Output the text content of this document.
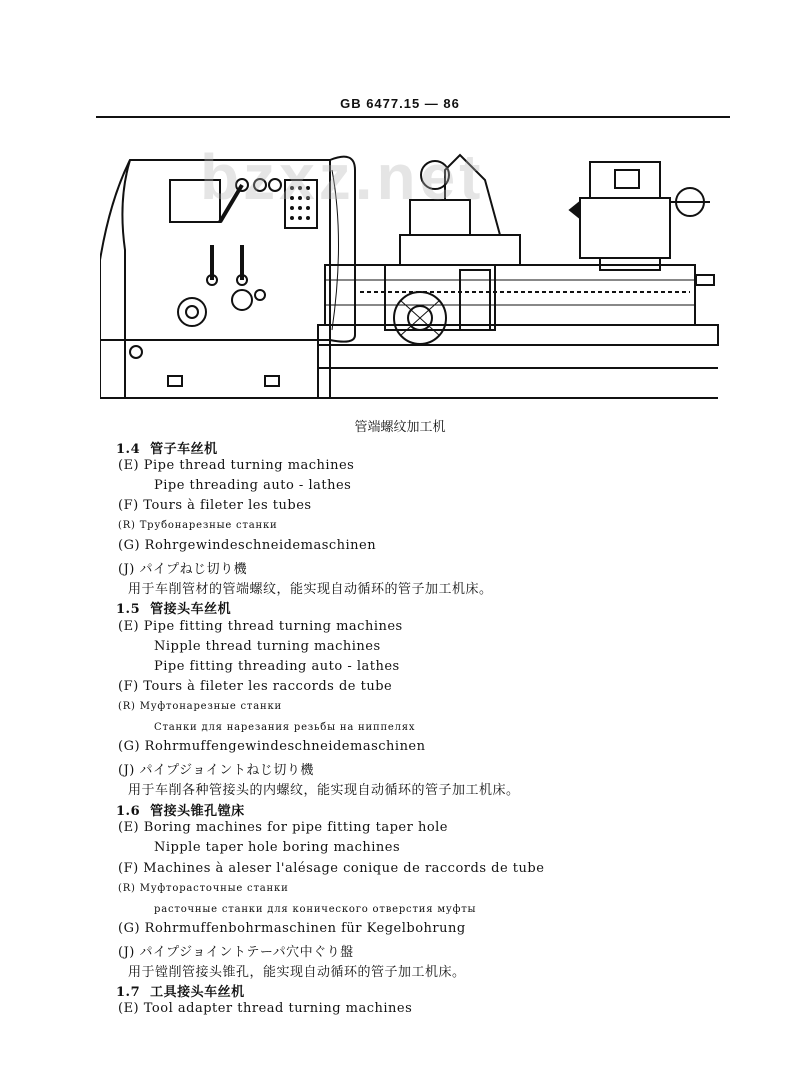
GB 6477.15 — 86
bzxz.net
管端螺纹加工机
1.4  管子车丝机
(E) Pipe thread turning machines
Pipe threading auto - lathes
(F) Tours à fileter les tubes
(R) Трубонарезные станки
(G) Rohrgewindeschneidemaschinen
(J) パイプねじ切り機
用于车削管材的管端螺纹，能实现自动循环的管子加工机床。
1.5  管接头车丝机
(E) Pipe fitting thread turning machines
Nipple thread turning machines
Pipe fitting threading auto - lathes
(F) Tours à fileter les raccords de tube
(R) Муфтонарезные станки
Станки для нарезания резьбы на ниппелях
(G) Rohrmuffengewindeschneidemaschinen
(J) パイプジョイントねじ切り機
用于车削各种管接头的内螺纹，能实现自动循环的管子加工机床。
1.6  管接头锥孔镗床
(E) Boring machines for pipe fitting taper hole
Nipple taper hole boring machines
(F) Machines à aleser l'alésage conique de raccords de tube
(R) Муфторасточные станки
расточные станки для конического отверстия муфты
(G) Rohrmuffenbohrmaschinen für Kegelbohrung
(J) パイプジョイントテーパ穴中ぐり盤
用于镗削管接头锥孔，能实现自动循环的管子加工机床。
1.7  工具接头车丝机
(E) Tool adapter thread turning machines
